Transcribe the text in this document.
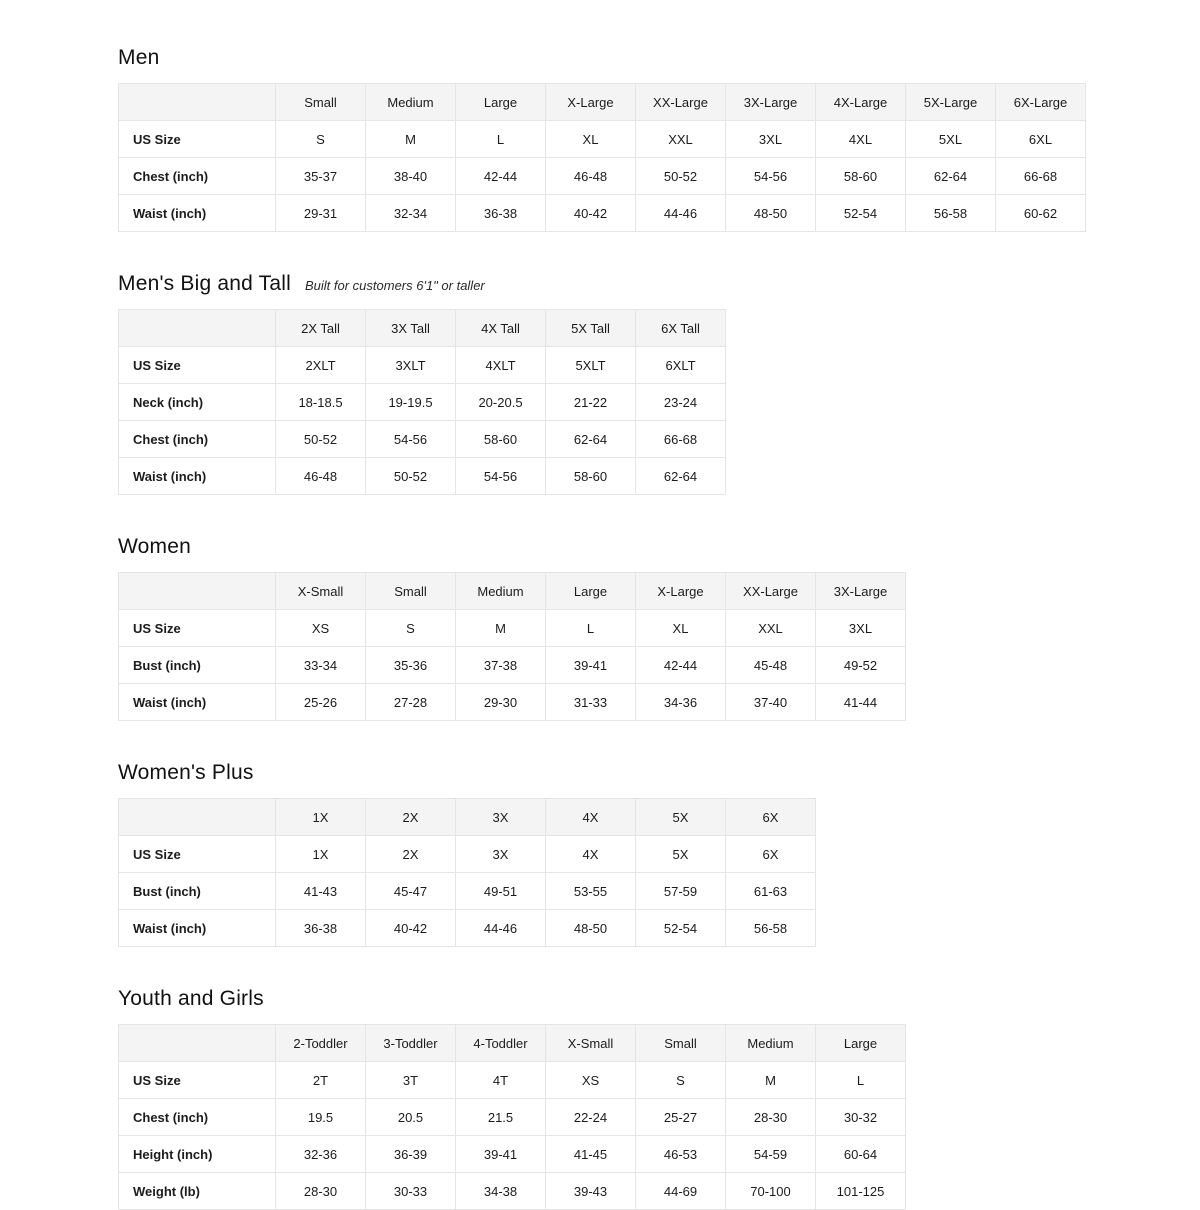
Men
	Small	Medium	Large	X-Large	XX-Large	3X-Large	4X-Large	5X-Large	6X-Large
US Size	S	M	L	XL	XXL	3XL	4XL	5XL	6XL
Chest (inch)	35-37	38-40	42-44	46-48	50-52	54-56	58-60	62-64	66-68
Waist (inch)	29-31	32-34	36-38	40-42	44-46	48-50	52-54	56-58	60-62
Men's Big and Tall Built for customers 6'1" or taller
	2X Tall	3X Tall	4X Tall	5X Tall	6X Tall
US Size	2XLT	3XLT	4XLT	5XLT	6XLT
Neck (inch)	18-18.5	19-19.5	20-20.5	21-22	23-24
Chest (inch)	50-52	54-56	58-60	62-64	66-68
Waist (inch)	46-48	50-52	54-56	58-60	62-64
Women
	X-Small	Small	Medium	Large	X-Large	XX-Large	3X-Large
US Size	XS	S	M	L	XL	XXL	3XL
Bust (inch)	33-34	35-36	37-38	39-41	42-44	45-48	49-52
Waist (inch)	25-26	27-28	29-30	31-33	34-36	37-40	41-44
Women's Plus
	1X	2X	3X	4X	5X	6X
US Size	1X	2X	3X	4X	5X	6X
Bust (inch)	41-43	45-47	49-51	53-55	57-59	61-63
Waist (inch)	36-38	40-42	44-46	48-50	52-54	56-58
Youth and Girls
	2-Toddler	3-Toddler	4-Toddler	X-Small	Small	Medium	Large
US Size	2T	3T	4T	XS	S	M	L
Chest (inch)	19.5	20.5	21.5	22-24	25-27	28-30	30-32
Height (inch)	32-36	36-39	39-41	41-45	46-53	54-59	60-64
Weight (lb)	28-30	30-33	34-38	39-43	44-69	70-100	101-125
